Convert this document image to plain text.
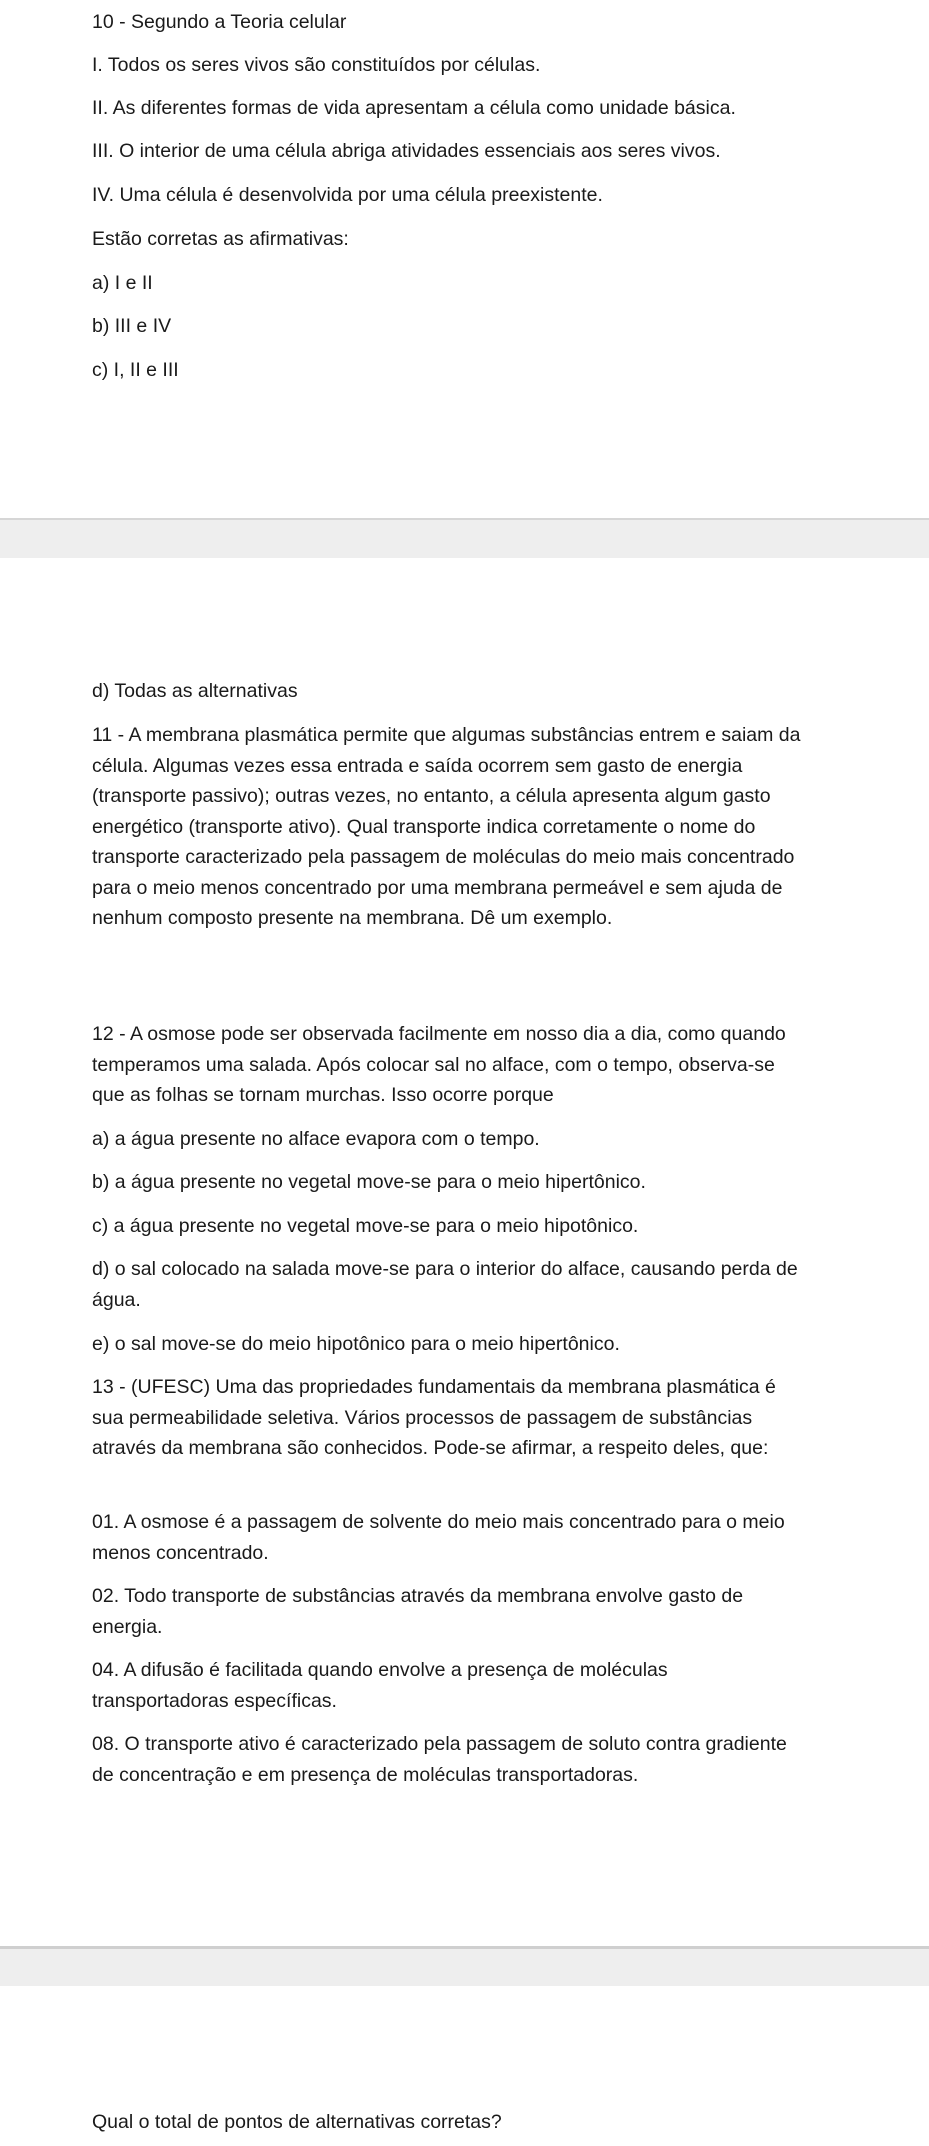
10 - Segundo a Teoria celular

I. Todos os seres vivos são constituídos por células.

II. As diferentes formas de vida apresentam a célula como unidade básica.

III. O interior de uma célula abriga atividades essenciais aos seres vivos.

IV. Uma célula é desenvolvida por uma célula preexistente.

Estão corretas as afirmativas:

a) I e II

b) III e IV

c) I, II e III

d) Todas as alternativas

11 - A membrana plasmática permite que algumas substâncias entrem e saiam da célula. Algumas vezes essa entrada e saída ocorrem sem gasto de energia (transporte passivo); outras vezes, no entanto, a célula apresenta algum gasto energético (transporte ativo). Qual transporte indica corretamente o nome do transporte caracterizado pela passagem de moléculas do meio mais concentrado para o meio menos concentrado por uma membrana permeável e sem ajuda de nenhum composto presente na membrana. Dê um exemplo.

12 - A osmose pode ser observada facilmente em nosso dia a dia, como quando temperamos uma salada. Após colocar sal no alface, com o tempo, observa-se que as folhas se tornam murchas. Isso ocorre porque

a) a água presente no alface evapora com o tempo.

b) a água presente no vegetal move-se para o meio hipertônico.

c) a água presente no vegetal move-se para o meio hipotônico.

d) o sal colocado na salada move-se para o interior do alface, causando perda de água.

e) o sal move-se do meio hipotônico para o meio hipertônico.

13 - (UFESC) Uma das propriedades fundamentais da membrana plasmática é sua permeabilidade seletiva. Vários processos de passagem de substâncias através da membrana são conhecidos. Pode-se afirmar, a respeito deles, que:

01. A osmose é a passagem de solvente do meio mais concentrado para o meio menos concentrado.

02. Todo transporte de substâncias através da membrana envolve gasto de energia.

04. A difusão é facilitada quando envolve a presença de moléculas transportadoras específicas.

08. O transporte ativo é caracterizado pela passagem de soluto contra gradiente de concentração e em presença de moléculas transportadoras.

Qual o total de pontos de alternativas corretas?
